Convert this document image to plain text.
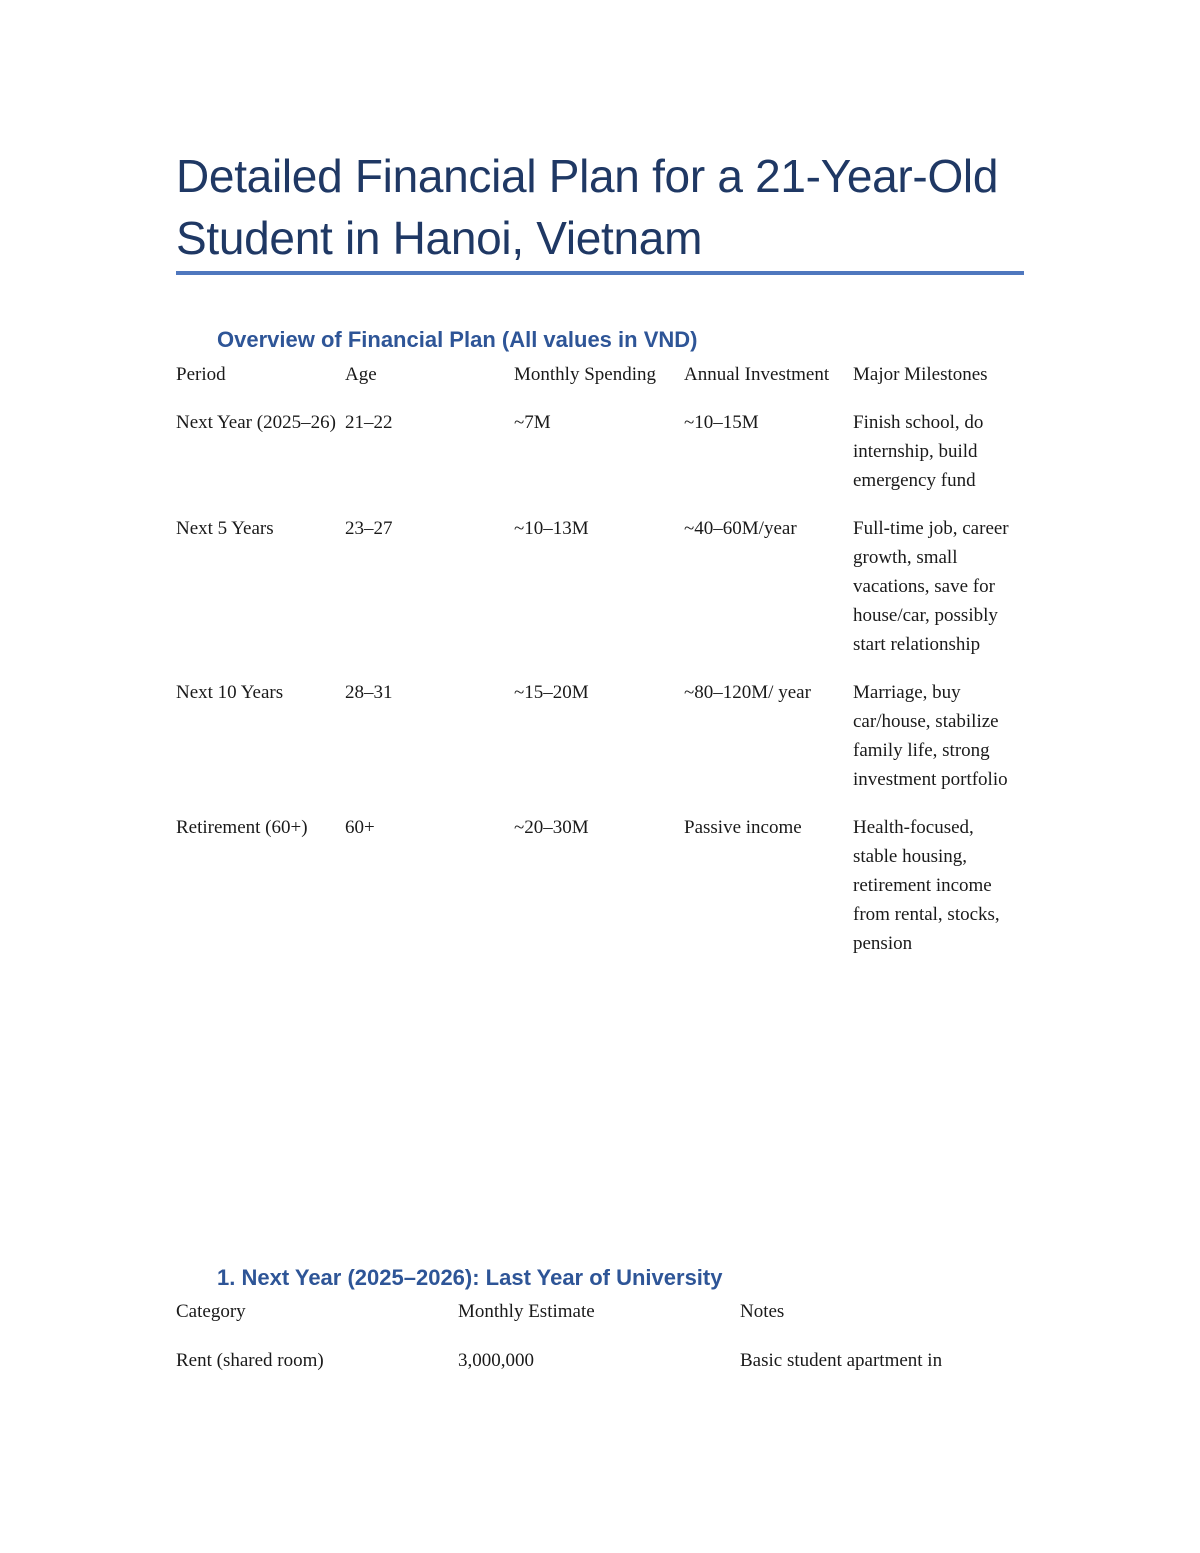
Detailed Financial Plan for a 21-Year-Old Student in Hanoi, Vietnam
Overview of Financial Plan (All values in VND)
Period	Age	Monthly Spending	Annual Investment	Major Milestones
Next Year (2025–26)	21–22	~7M	~10–15M	Finish school, do internship, build emergency fund
Next 5 Years	23–27	~10–13M	~40–60M/year	Full-time job, career growth, small vacations, save for house/car, possibly start relationship
Next 10 Years	28–31	~15–20M	~80–120M/ year	Marriage, buy car/house, stabilize family life, strong investment portfolio
Retirement (60+)	60+	~20–30M	Passive income	Health-focused, stable housing, retirement income from rental, stocks, pension
1. Next Year (2025–2026): Last Year of University
Category	Monthly Estimate	Notes
Rent (shared room)	3,000,000	Basic student apartment in
